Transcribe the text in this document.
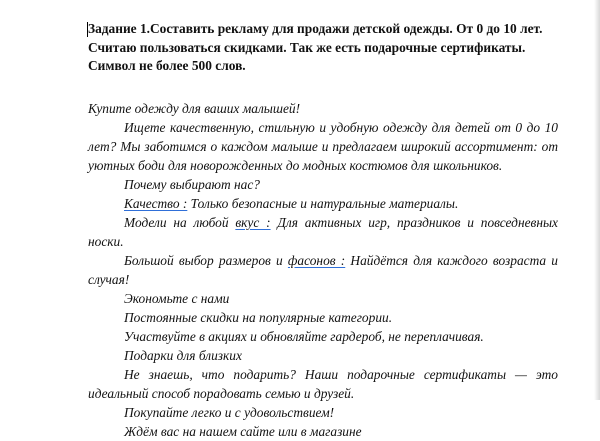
Задание 1.Составить рекламу для продажи детской одежды. От 0 до 10 лет.
Считаю пользоваться скидками. Так же есть подарочные сертификаты.
Символ не более 500 слов.

Купите одежду для ваших малышей!

Ищете качественную, стильную и удобную одежду для детей от 0 до 10 лет? Мы заботимся о каждом малыше и предлагаем широкий ассортимент: от уютных боди для новорожденных до модных костюмов для школьников.

Почему выбирают нас?

Качество : Только безопасные и натуральные материалы.

Модели на любой вкус : Для активных игр, праздников и повседневных носки.

Большой выбор размеров и фасонов : Найдётся для каждого возраста и случая!

Экономьте с нами

Постоянные скидки на популярные категории.

Участвуйте в акциях и обновляйте гардероб, не переплачивая.

Подарки для близких

Не знаешь, что подарить? Наши подарочные сертификаты — это идеальный способ порадовать семью и друзей.

Покупайте легко и с удовольствием!

Ждём вас на нашем сайте или в магазине
